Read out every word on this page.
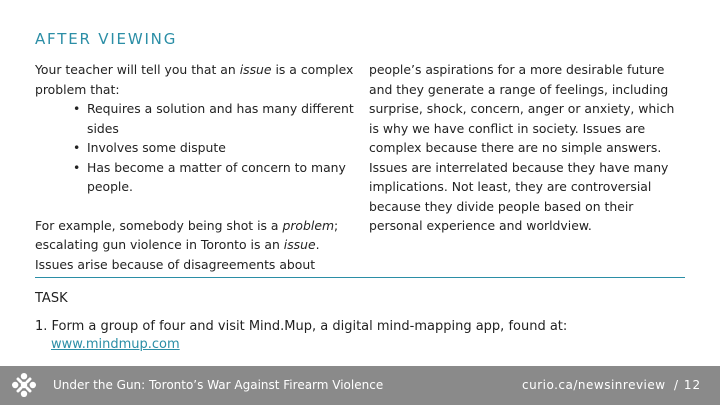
AFTER VIEWING

Your teacher will tell you that an issue is a complex problem that:

• Requires a solution and has many different sides
• Involves some dispute
• Has become a matter of concern to many people.

For example, somebody being shot is a problem; escalating gun violence in Toronto is an issue. Issues arise because of disagreements about

people’s aspirations for a more desirable future and they generate a range of feelings, including surprise, shock, concern, anger or anxiety, which is why we have conflict in society. Issues are complex because there are no simple answers. Issues are interrelated because they have many implications. Not least, they are controversial because they divide people based on their personal experience and worldview.

TASK
1. Form a group of four and visit Mind.Mup, a digital mind-mapping app, found at:
www.mindmup.com
Under the Gun: Toronto’s War Against Firearm Violence	curio.ca/newsinreview / 12
